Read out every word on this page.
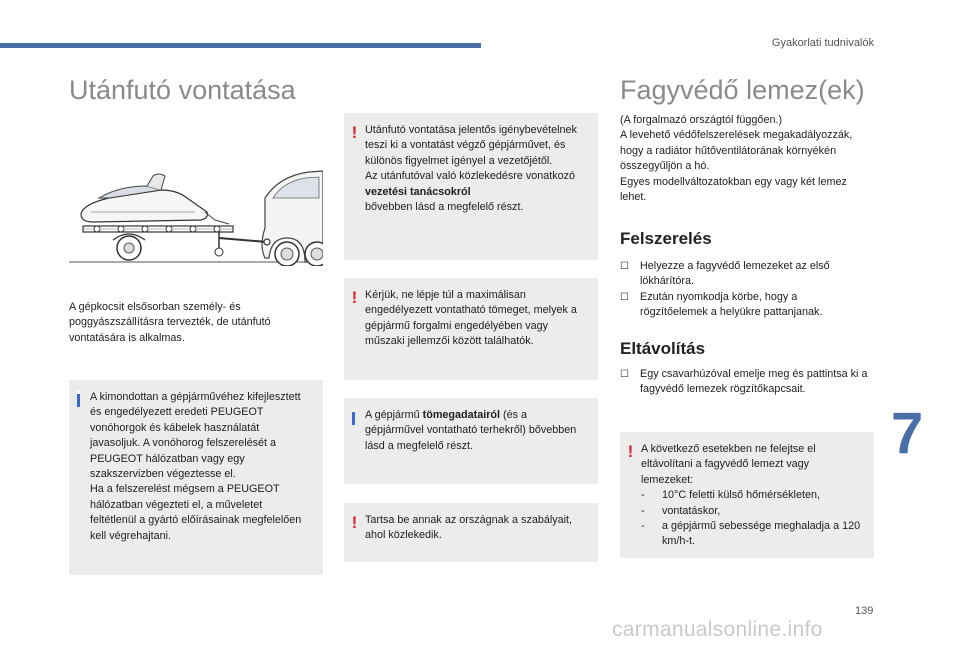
Gyakorlati tudnivalók
Utánfutó vontatása
A gépkocsit elsősorban személy- és poggyászszállításra tervezték, de utánfutó vontatására is alkalmas.
A kimondottan a gépjárművéhez kifejlesztett és engedélyezett eredeti PEUGEOT vonóhorgok és kábelek használatát javasoljuk. A vonóhorog felszerelését a PEUGEOT hálózatban vagy egy szakszervizben végeztesse el.
Ha a felszerelést mégsem a PEUGEOT hálózatban végezteti el, a műveletet feltétlenül a gyártó előírásainak megfelelően kell végrehajtani.
! Utánfutó vontatása jelentős igénybevételnek teszi ki a vontatást végző gépjárművet, és különös figyelmet igényel a vezetőjétől.
Az utánfutóval való közlekedésre vonatkozó vezetési tanácsokról
bővebben lásd a megfelelő részt.
! Kérjük, ne lépje túl a maximálisan engedélyezett vontatható tömeget, melyek a gépjármű forgalmi engedélyében vagy műszaki jellemzői között találhatók.
A gépjármű tömegadatairól (és a gépjárművel vontatható terhekről) bővebben lásd a megfelelő részt.
! Tartsa be annak az országnak a szabályait, ahol közlekedik.
Fagyvédő lemez(ek)
(A forgalmazó országtól függően.)
A levehető védőfelszerelések megakadályozzák, hogy a radiátor hűtőventilátorának környékén összegyűljön a hó.
Egyes modellváltozatokban egy vagy két lemez lehet.
Felszerelés
☐ Helyezze a fagyvédő lemezeket az első lökhárítóra.
☐ Ezután nyomkodja körbe, hogy a rögzítőelemek a helyükre pattanjanak.
Eltávolítás
☐ Egy csavarhúzóval emelje meg és pattintsa ki a fagyvédő lemezek rögzítőkapcsait.
! A következő esetekben ne felejtse el eltávolítani a fagyvédő lemezt vagy lemezeket:
- 10°C feletti külső hőmérsékleten,
- vontatáskor,
- a gépjármű sebessége meghaladja a 120 km/h-t.
7
139
carmanualsonline.info
